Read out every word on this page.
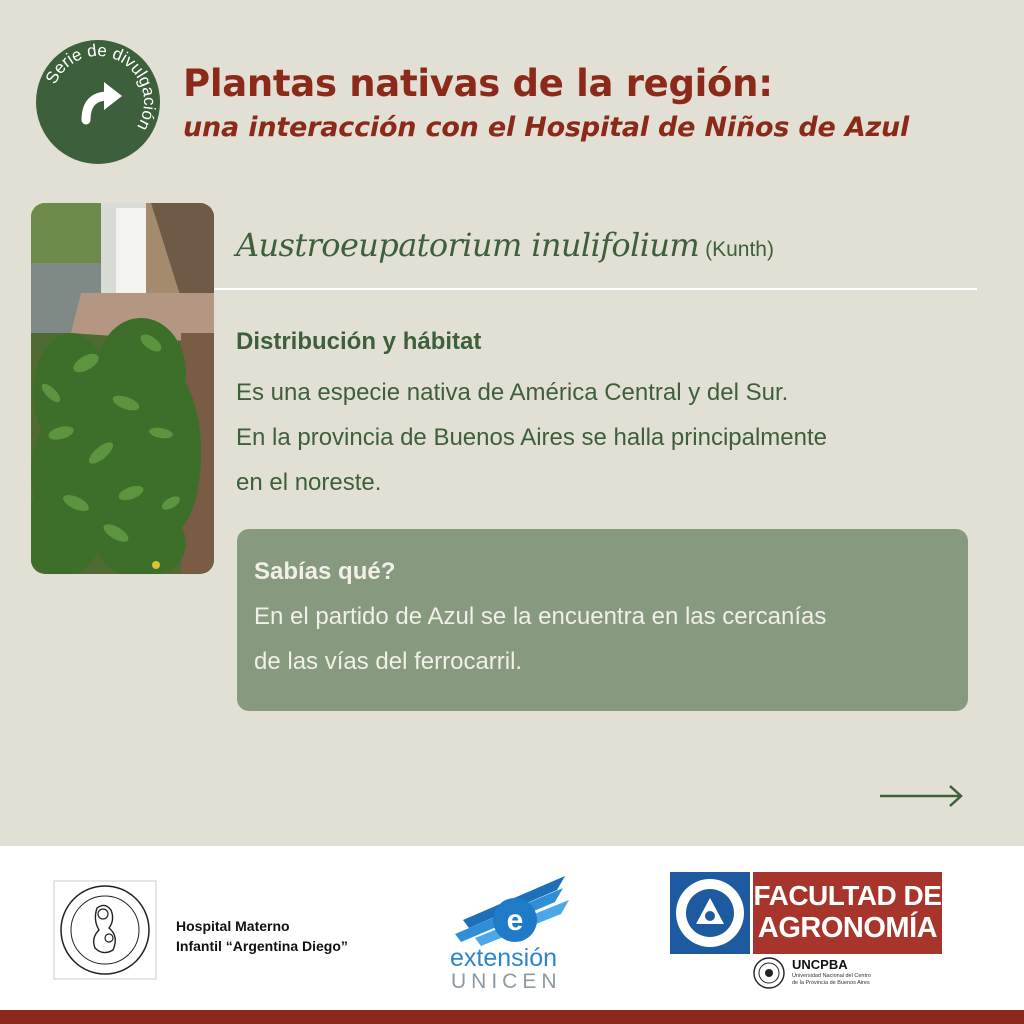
Serie de divulgación
Plantas nativas de la región:
una interacción con el Hospital de Niños de Azul
Austroeupatorium inulifolium (Kunth)
Distribución y hábitat
Es una especie nativa de América Central y del Sur.
En la provincia de Buenos Aires se halla principalmente
en el noreste.
Sabías qué?
En el partido de Azul se la encuentra en las cercanías
de las vías del ferrocarril.
Hospital Materno
Infantil “Argentina Diego”
e
extensión
UNICEN
FACULTAD DE
AGRONOMÍA
UNCPBA
Universidad Nacional del Centro
de la Provincia de Buenos Aires
